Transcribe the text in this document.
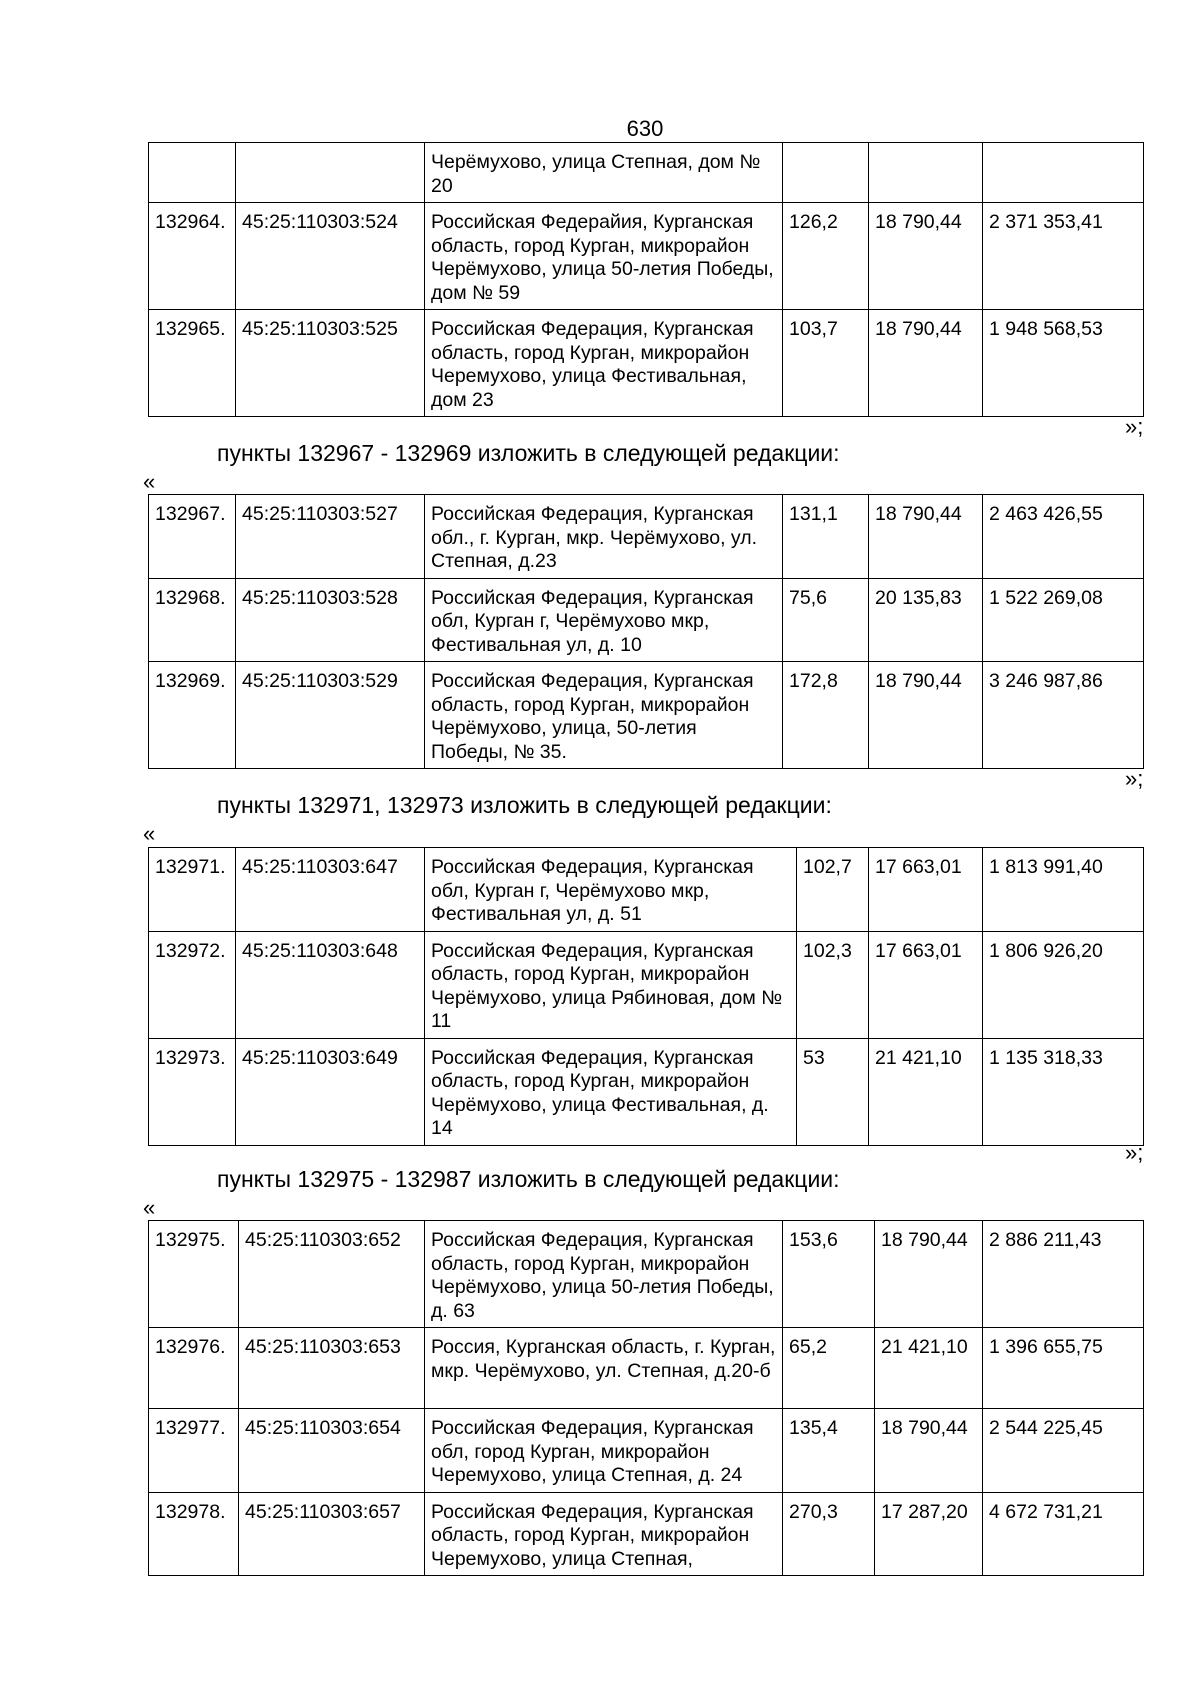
630
		Черёмухово, улица Степная, дом № 20			
132964.	45:25:110303:524	Российская Федерайия, Курганская область, город Курган, микрорайон Черёмухово, улица 50-летия Победы, дом № 59	126,2	18 790,44	2 371 353,41
132965.	45:25:110303:525	Российская Федерация, Курганская область, город Курган, микрорайон Черемухово, улица Фестивальная, дом 23	103,7	18 790,44	1 948 568,53
»;
пункты 132967 - 132969 изложить в следующей редакции:
«
132967.	45:25:110303:527	Российская Федерация, Курганская обл., г. Курган, мкр. Черёмухово, ул. Степная, д.23	131,1	18 790,44	2 463 426,55
132968.	45:25:110303:528	Российская Федерация, Курганская обл, Курган г, Черёмухово мкр, Фестивальная ул, д. 10	75,6	20 135,83	1 522 269,08
132969.	45:25:110303:529	Российская Федерация, Курганская область, город Курган, микрорайон Черёмухово, улица, 50-летия Победы, № 35.	172,8	18 790,44	3 246 987,86
»;
пункты 132971, 132973 изложить в следующей редакции:
«
132971.	45:25:110303:647	Российская Федерация, Курганская обл, Курган г, Черёмухово мкр, Фестивальная ул, д. 51	102,7	17 663,01	1 813 991,40
132972.	45:25:110303:648	Российская Федерация, Курганская область, город Курган, микрорайон Черёмухово, улица Рябиновая, дом № 11	102,3	17 663,01	1 806 926,20
132973.	45:25:110303:649	Российская Федерация, Курганская область, город Курган, микрорайон Черёмухово, улица Фестивальная, д. 14	53	21 421,10	1 135 318,33
»;
пункты 132975 - 132987 изложить в следующей редакции:
«
132975.	45:25:110303:652	Российская Федерация, Курганская область, город Курган, микрорайон Черёмухово, улица 50-летия Победы, д. 63	153,6	18 790,44	2 886 211,43
132976.	45:25:110303:653	Россия, Курганская область, г. Курган, мкр. Черёмухово, ул. Степная, д.20-б	65,2	21 421,10	1 396 655,75
132977.	45:25:110303:654	Российская Федерация, Курганская обл, город Курган, микрорайон Черемухово, улица Степная, д. 24	135,4	18 790,44	2 544 225,45
132978.	45:25:110303:657	Российская Федерация, Курганская область, город Курган, микрорайон Черемухово, улица Степная,	270,3	17 287,20	4 672 731,21
